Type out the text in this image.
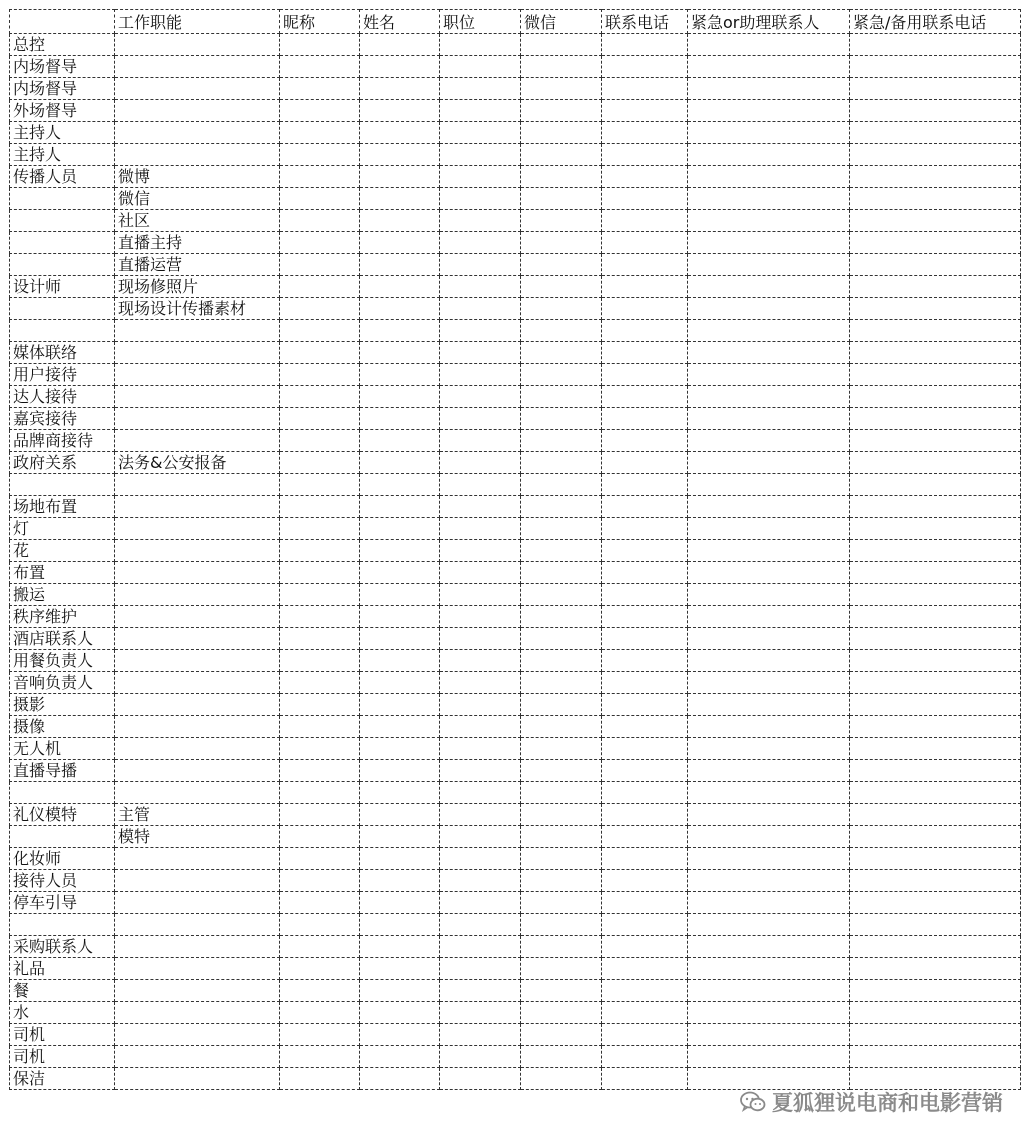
	工作职能	昵称	姓名	职位	微信	联系电话	紧急or助理联系人	紧急/备用联系电话
总控								
内场督导								
内场督导								
外场督导								
主持人								
主持人								
传播人员	微博							
	微信							
	社区							
	直播主持							
	直播运营							
设计师	现场修照片							
	现场设计传播素材							

媒体联络								
用户接待								
达人接待								
嘉宾接待								
品牌商接待								
政府关系	法务&公安报备							

场地布置								
灯								
花								
布置								
搬运								
秩序维护								
酒店联系人								
用餐负责人								
音响负责人								
摄影								
摄像								
无人机								
直播导播								

礼仪模特	主管							
	模特							
化妆师								
接待人员								
停车引导								

采购联系人								
礼品								
餐								
水								
司机								
司机								
保洁								
夏狐狸说电商和电影营销
